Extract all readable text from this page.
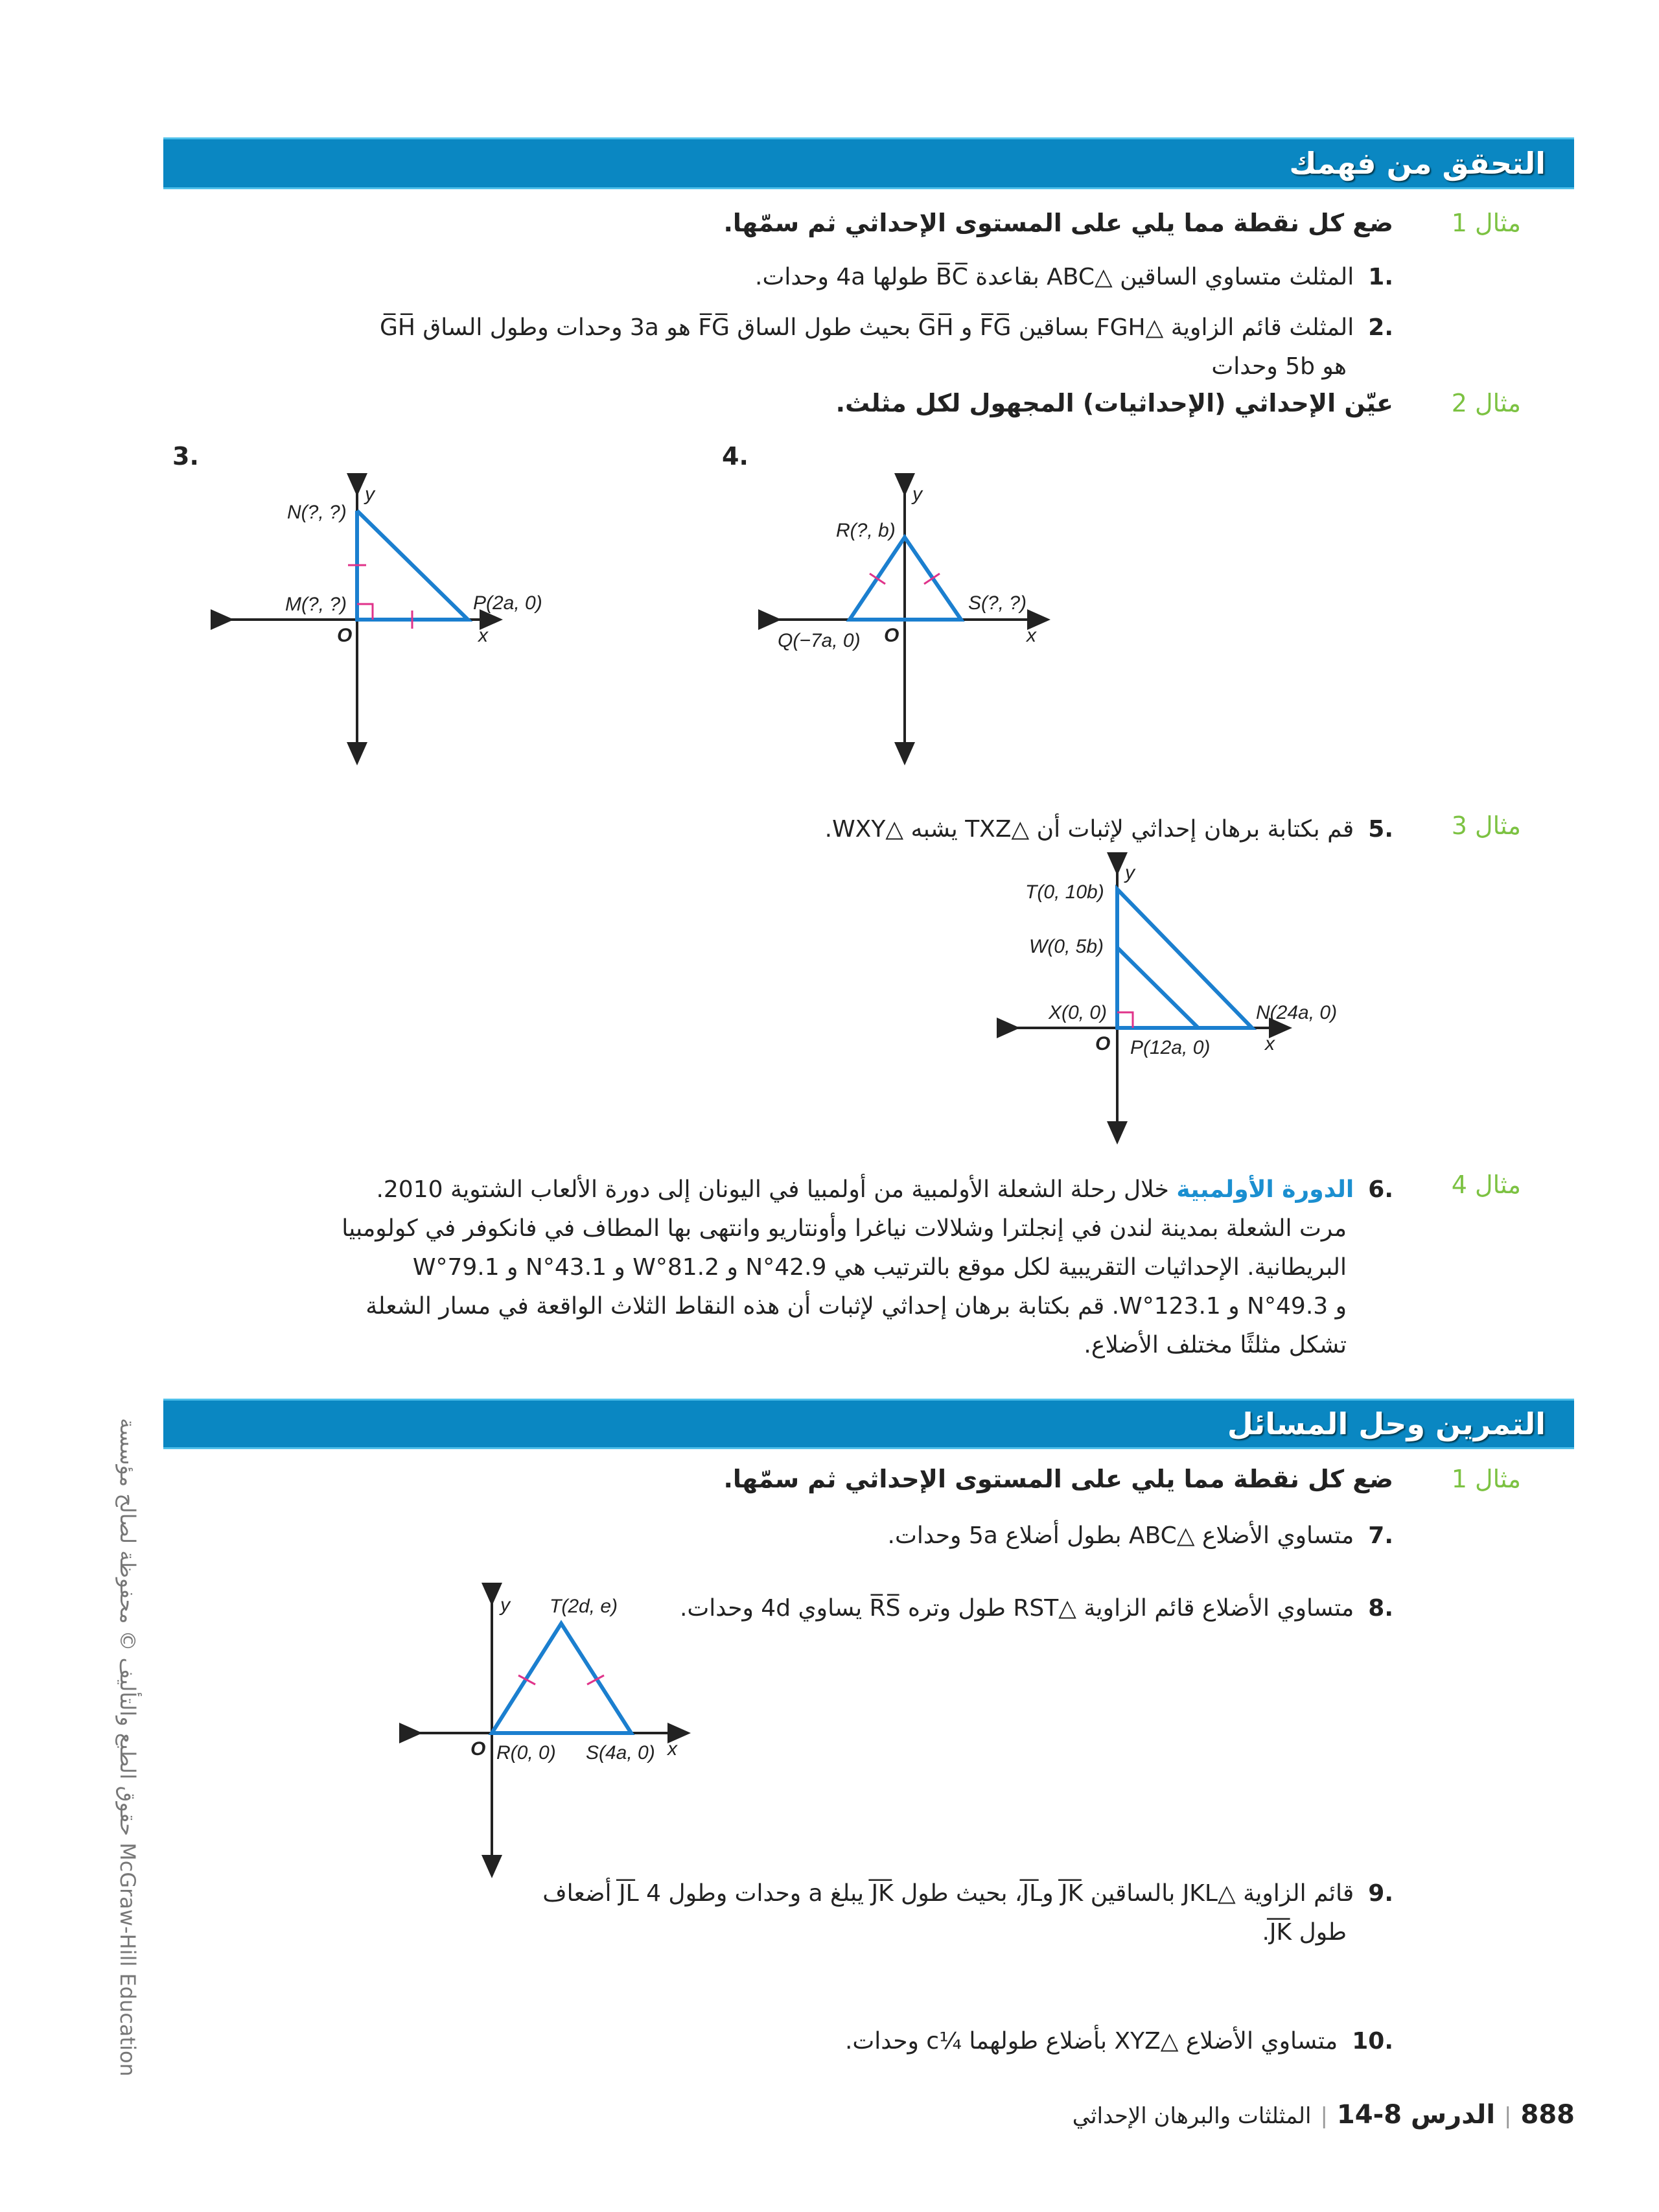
التحقق من فهمك
مثال 1
ضع كل نقطة مما يلي على المستوى الإحداثي ثم سمّها.
.1المثلث متساوي الساقين △ABC بقاعدة B̅C̅ طولها 4a وحدات.
.2المثلث قائم الزاوية △FGH بساقين F̅G̅ و G̅H̅ بحيث طول الساق F̅G̅ هو 3a وحدات وطول الساق G̅H̅
هو 5b وحدات
مثال 2
عيّن الإحداثي (الإحداثيات) المجهول لكل مثلث.
3.	4.
مثال 3
.5قم بكتابة برهان إحداثي لإثبات أن △TXZ يشبه △WXY.
مثال 4
.6الدورة الأولمبية خلال رحلة الشعلة الأولمبية من أولمبيا في اليونان إلى دورة الألعاب الشتوية 2010.
مرت الشعلة بمدينة لندن في إنجلترا وشلالات نياغرا وأونتاريو وانتهى بها المطاف في فانكوفر في كولومبيا
البريطانية. الإحداثيات التقريبية لكل موقع بالترتيب هي 42.9°N و 81.2°W و 43.1°N و 79.1°W
و 49.3°N و 123.1°W. قم بكتابة برهان إحداثي لإثبات أن هذه النقاط الثلاث الواقعة في مسار الشعلة
تشكل مثلثًا مختلف الأضلاع.
التمرين وحل المسائل
مثال 1
ضع كل نقطة مما يلي على المستوى الإحداثي ثم سمّها.
.7متساوي الأضلاع △ABC بطول أضلاع 5a وحدات.
.8متساوي الأضلاع قائم الزاوية △RST طول وتره R̅S̅ يساوي 4d وحدات.
.9قائم الزاوية △JKL بالساقين J̅K̅ وJ̅L̅، بحيث طول J̅K̅ يبلغ a وحدات وطول J̅L̅ 4 أضعاف
طول J̅K̅.
.10متساوي الأضلاع △XYZ بأضلاع طولهما ¼c وحدات.
N(?, ?)
M(?, ?)	P(2a, 0)
O	x
y
R(?, b)
S(?, ?)
Q(−7a, 0) O	x
y
T(0, 10b)
W(0, 5b)
X(0, 0)	N(24a, 0)
P(12a, 0)
O	x
y
T(2d, e)
R(0, 0) S(4a, 0)
O	x
y
حقوق الطبع والتأليف © محفوظة لصالح مؤسسة McGraw-Hill Education
888|الدرس 8-14|المثلثات والبرهان الإحداثي
